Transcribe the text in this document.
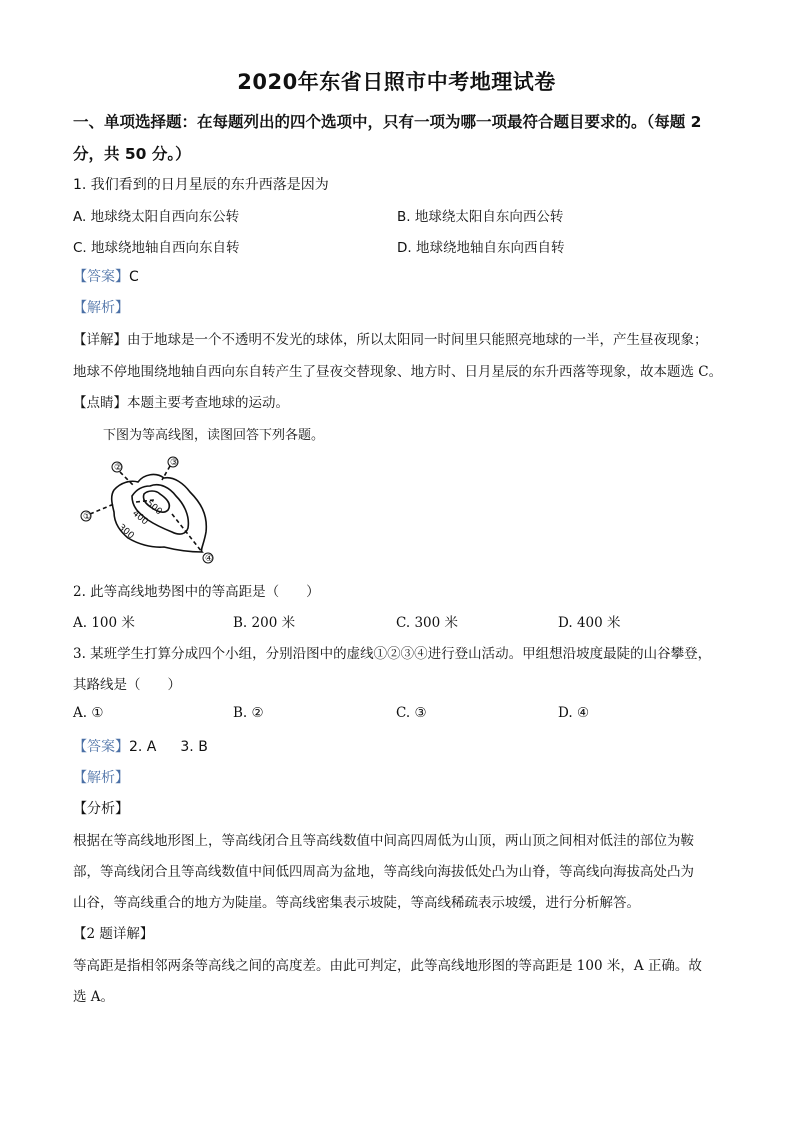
2020年东省日照市中考地理试卷
一、单项选择题：在每题列出的四个选项中，只有一项为哪一项最符合题目要求的。（每题 2
分，共 50 分。）
1. 我们看到的日月星辰的东升西落是因为
A. 地球绕太阳自西向东公转	B. 地球绕太阳自东向西公转
C. 地球绕地轴自西向东自转	D. 地球绕地轴自东向西自转
【答案】C
【解析】
【详解】由于地球是一个不透明不发光的球体，所以太阳同一时间里只能照亮地球的一半，产生昼夜现象；
地球不停地围绕地轴自西向东自转产生了昼夜交替现象、地方时、日月星辰的东升西落等现象，故本题选 C。
【点睛】本题主要考查地球的运动。
下图为等高线图，读图回答下列各题。
①
②	③
④
300
400
500
2. 此等高线地势图中的等高距是（　　）
A. 100 米	B. 200 米	C. 300 米	D. 400 米
3. 某班学生打算分成四个小组，分别沿图中的虚线①②③④进行登山活动。甲组想沿坡度最陡的山谷攀登，
其路线是（　　）
A. ①	B. ②	C. ③	D. ④
【答案】2. A 3. B
【解析】
【分析】
根据在等高线地形图上，等高线闭合且等高线数值中间高四周低为山顶，两山顶之间相对低洼的部位为鞍
部，等高线闭合且等高线数值中间低四周高为盆地，等高线向海拔低处凸为山脊，等高线向海拔高处凸为
山谷，等高线重合的地方为陡崖。等高线密集表示坡陡，等高线稀疏表示坡缓，进行分析解答。
【2 题详解】
等高距是指相邻两条等高线之间的高度差。由此可判定，此等高线地形图的等高距是 100 米，A 正确。故
选 A。
